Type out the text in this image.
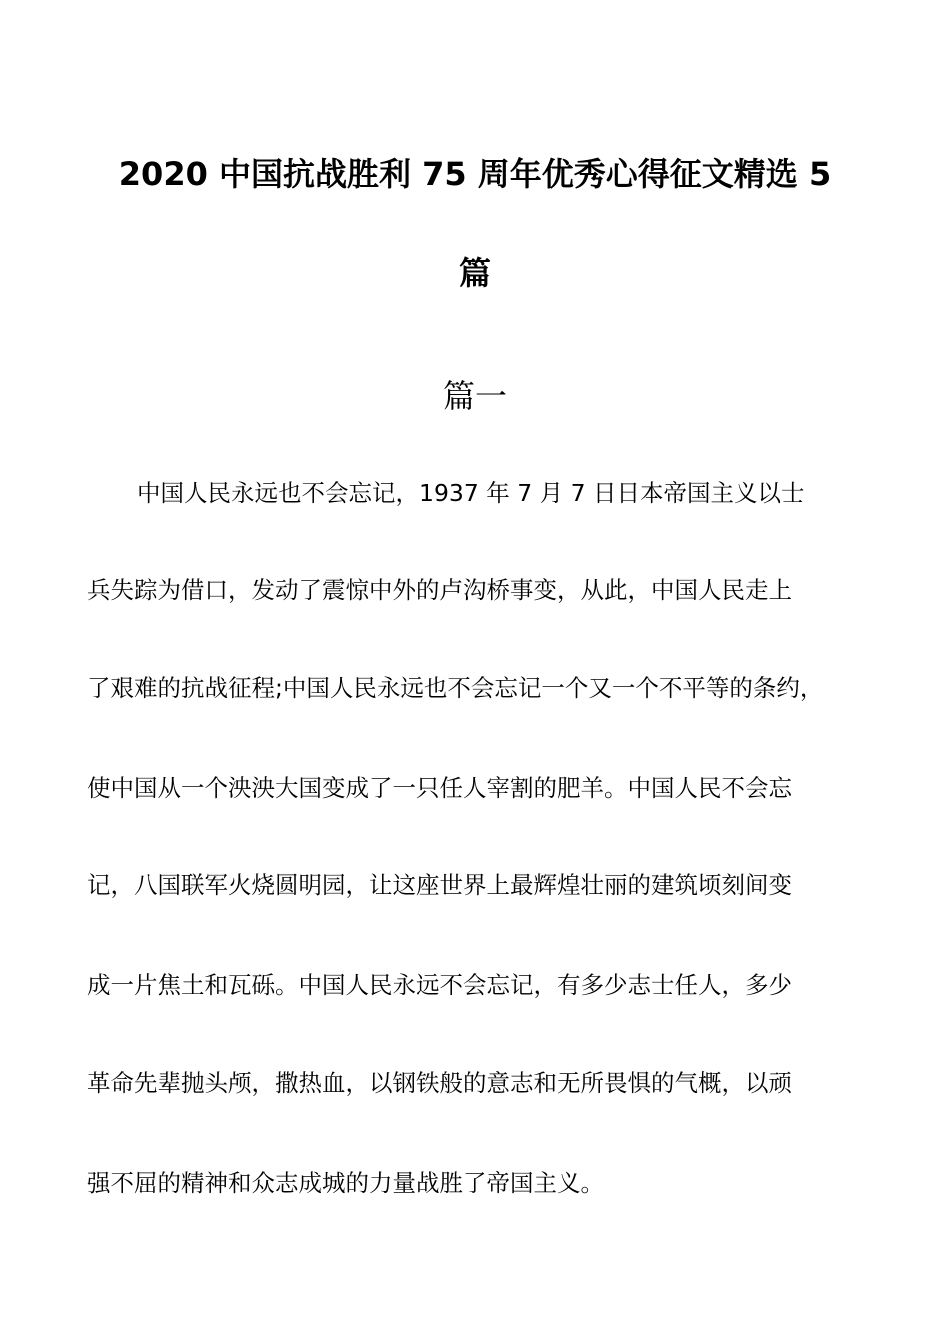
2020 中国抗战胜利 75 周年优秀心得征文精选 5
篇
篇一
中国人民永远也不会忘记，1937 年 7 月 7 日日本帝国主义以士
兵失踪为借口，发动了震惊中外的卢沟桥事变，从此，中国人民走上
了艰难的抗战征程;中国人民永远也不会忘记一个又一个不平等的条约，
使中国从一个泱泱大国变成了一只任人宰割的肥羊。中国人民不会忘
记，八国联军火烧圆明园，让这座世界上最辉煌壮丽的建筑顷刻间变
成一片焦土和瓦砾。中国人民永远不会忘记，有多少志士任人，多少
革命先辈抛头颅，撒热血，以钢铁般的意志和无所畏惧的气概，以顽
强不屈的精神和众志成城的力量战胜了帝国主义。
